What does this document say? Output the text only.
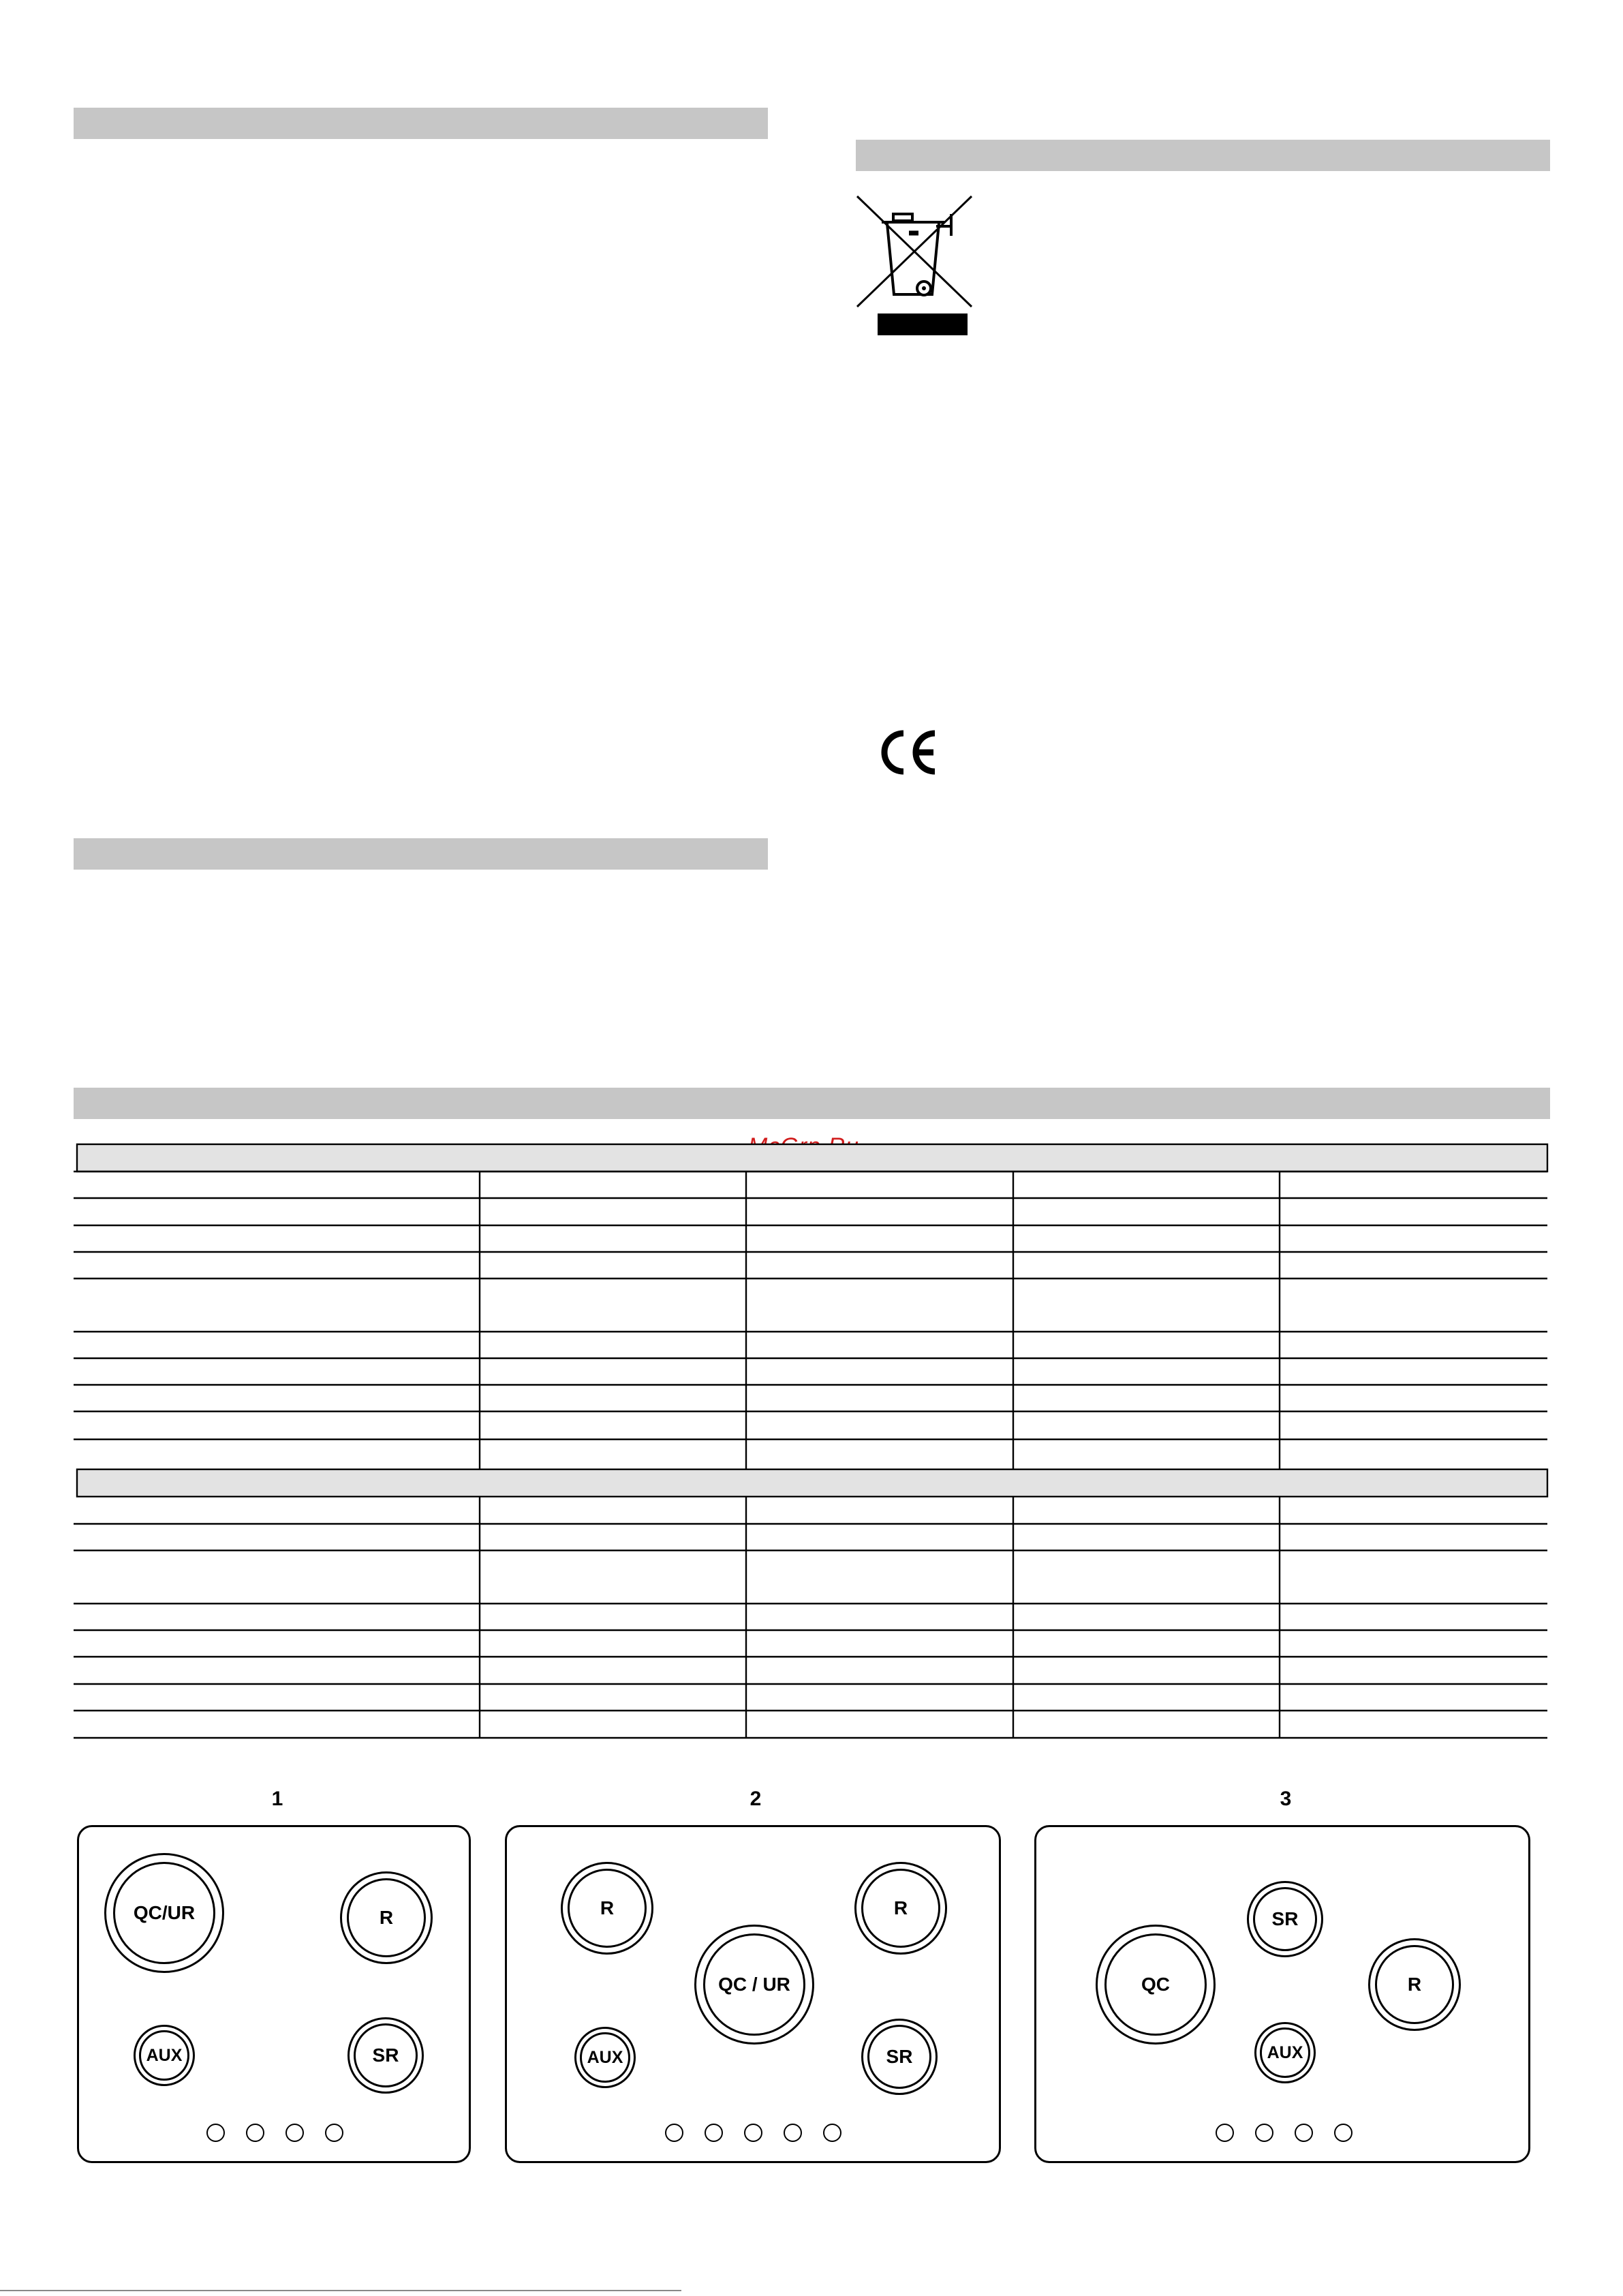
1	2	3
QC/UR	R
AUX	SR
R	R
QC / UR
AUX	SR
SR
QC	R
AUX
